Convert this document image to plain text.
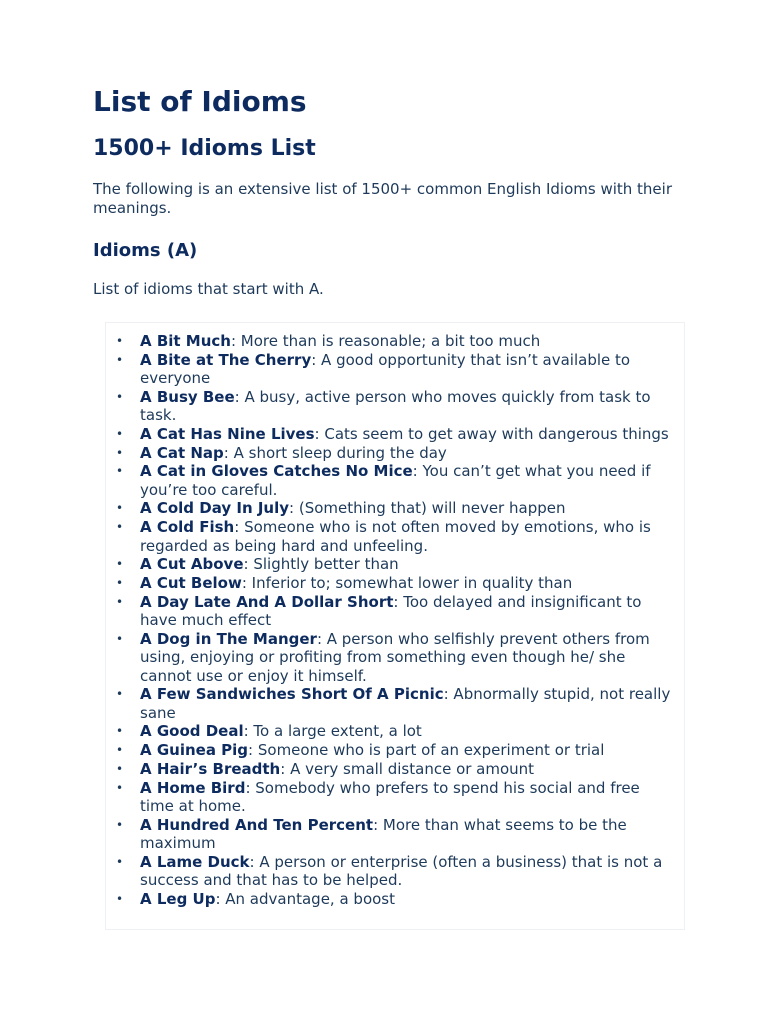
List of Idioms
1500+ Idioms List

The following is an extensive list of 1500+ common English Idioms with their meanings.

Idioms (A)

List of idioms that start with A.

• A Bit Much: More than is reasonable; a bit too much
• A Bite at The Cherry: A good opportunity that isn’t available to everyone
• A Busy Bee: A busy, active person who moves quickly from task to task.
• A Cat Has Nine Lives: Cats seem to get away with dangerous things
• A Cat Nap: A short sleep during the day
• A Cat in Gloves Catches No Mice: You can’t get what you need if you’re too careful.
• A Cold Day In July: (Something that) will never happen
• A Cold Fish: Someone who is not often moved by emotions, who is regarded as being hard and unfeeling.
• A Cut Above: Slightly better than
• A Cut Below: Inferior to; somewhat lower in quality than
• A Day Late And A Dollar Short: Too delayed and insignificant to have much effect
• A Dog in The Manger: A person who selfishly prevent others from using, enjoying or profiting from something even though he/ she cannot use or enjoy it himself.
• A Few Sandwiches Short Of A Picnic: Abnormally stupid, not really sane
• A Good Deal: To a large extent, a lot
• A Guinea Pig: Someone who is part of an experiment or trial
• A Hair’s Breadth: A very small distance or amount
• A Home Bird: Somebody who prefers to spend his social and free time at home.
• A Hundred And Ten Percent: More than what seems to be the maximum
• A Lame Duck: A person or enterprise (often a business) that is not a success and that has to be helped.
• A Leg Up: An advantage, a boost
